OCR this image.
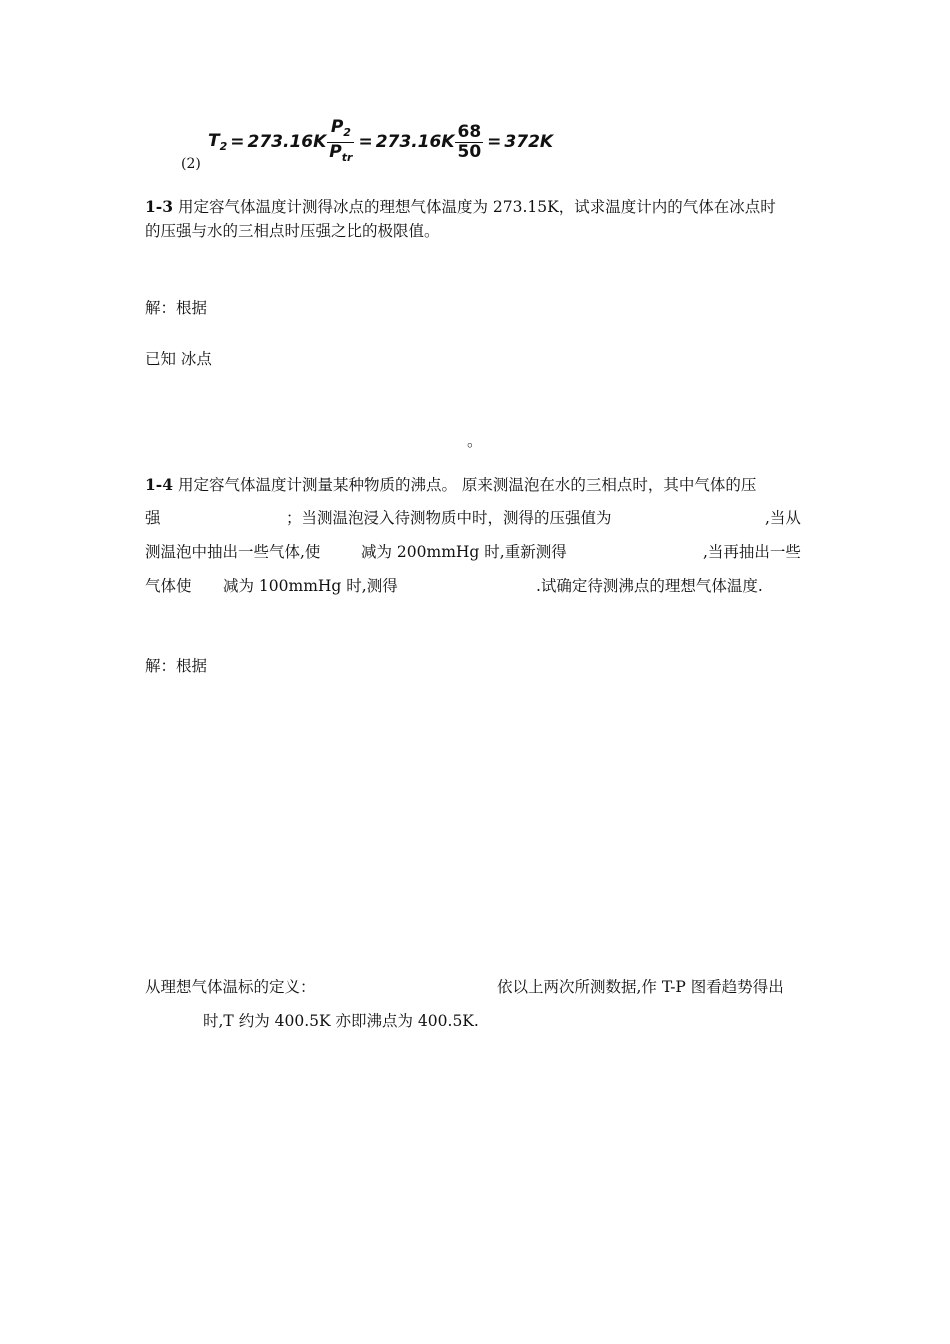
(2)
$T_2 = 273.16K \frac{P_2}{P_{tr}} = 273.16K \frac{68}{50} = 372K$
1-3 用定容气体温度计测得冰点的理想气体温度为 273.15K，试求温度计内的气体在冰点时
的压强与水的三相点时压强之比的极限值。
解：根据
已知 冰点
。
1-4 用定容气体温度计测量某种物质的沸点。 原来测温泡在水的三相点时，其中气体的压
强	；当测温泡浸入待测物质中时，测得的压强值为	,当从
测温泡中抽出一些气体,使	减为 200mmHg 时,重新测得	,当再抽出一些
气体使 减为 100mmHg 时,测得	.试确定待测沸点的理想气体温度.
解：根据
从理想气体温标的定义：	依以上两次所测数据,作 T-P 图看趋势得出
时,T 约为 400.5K 亦即沸点为 400.5K.
